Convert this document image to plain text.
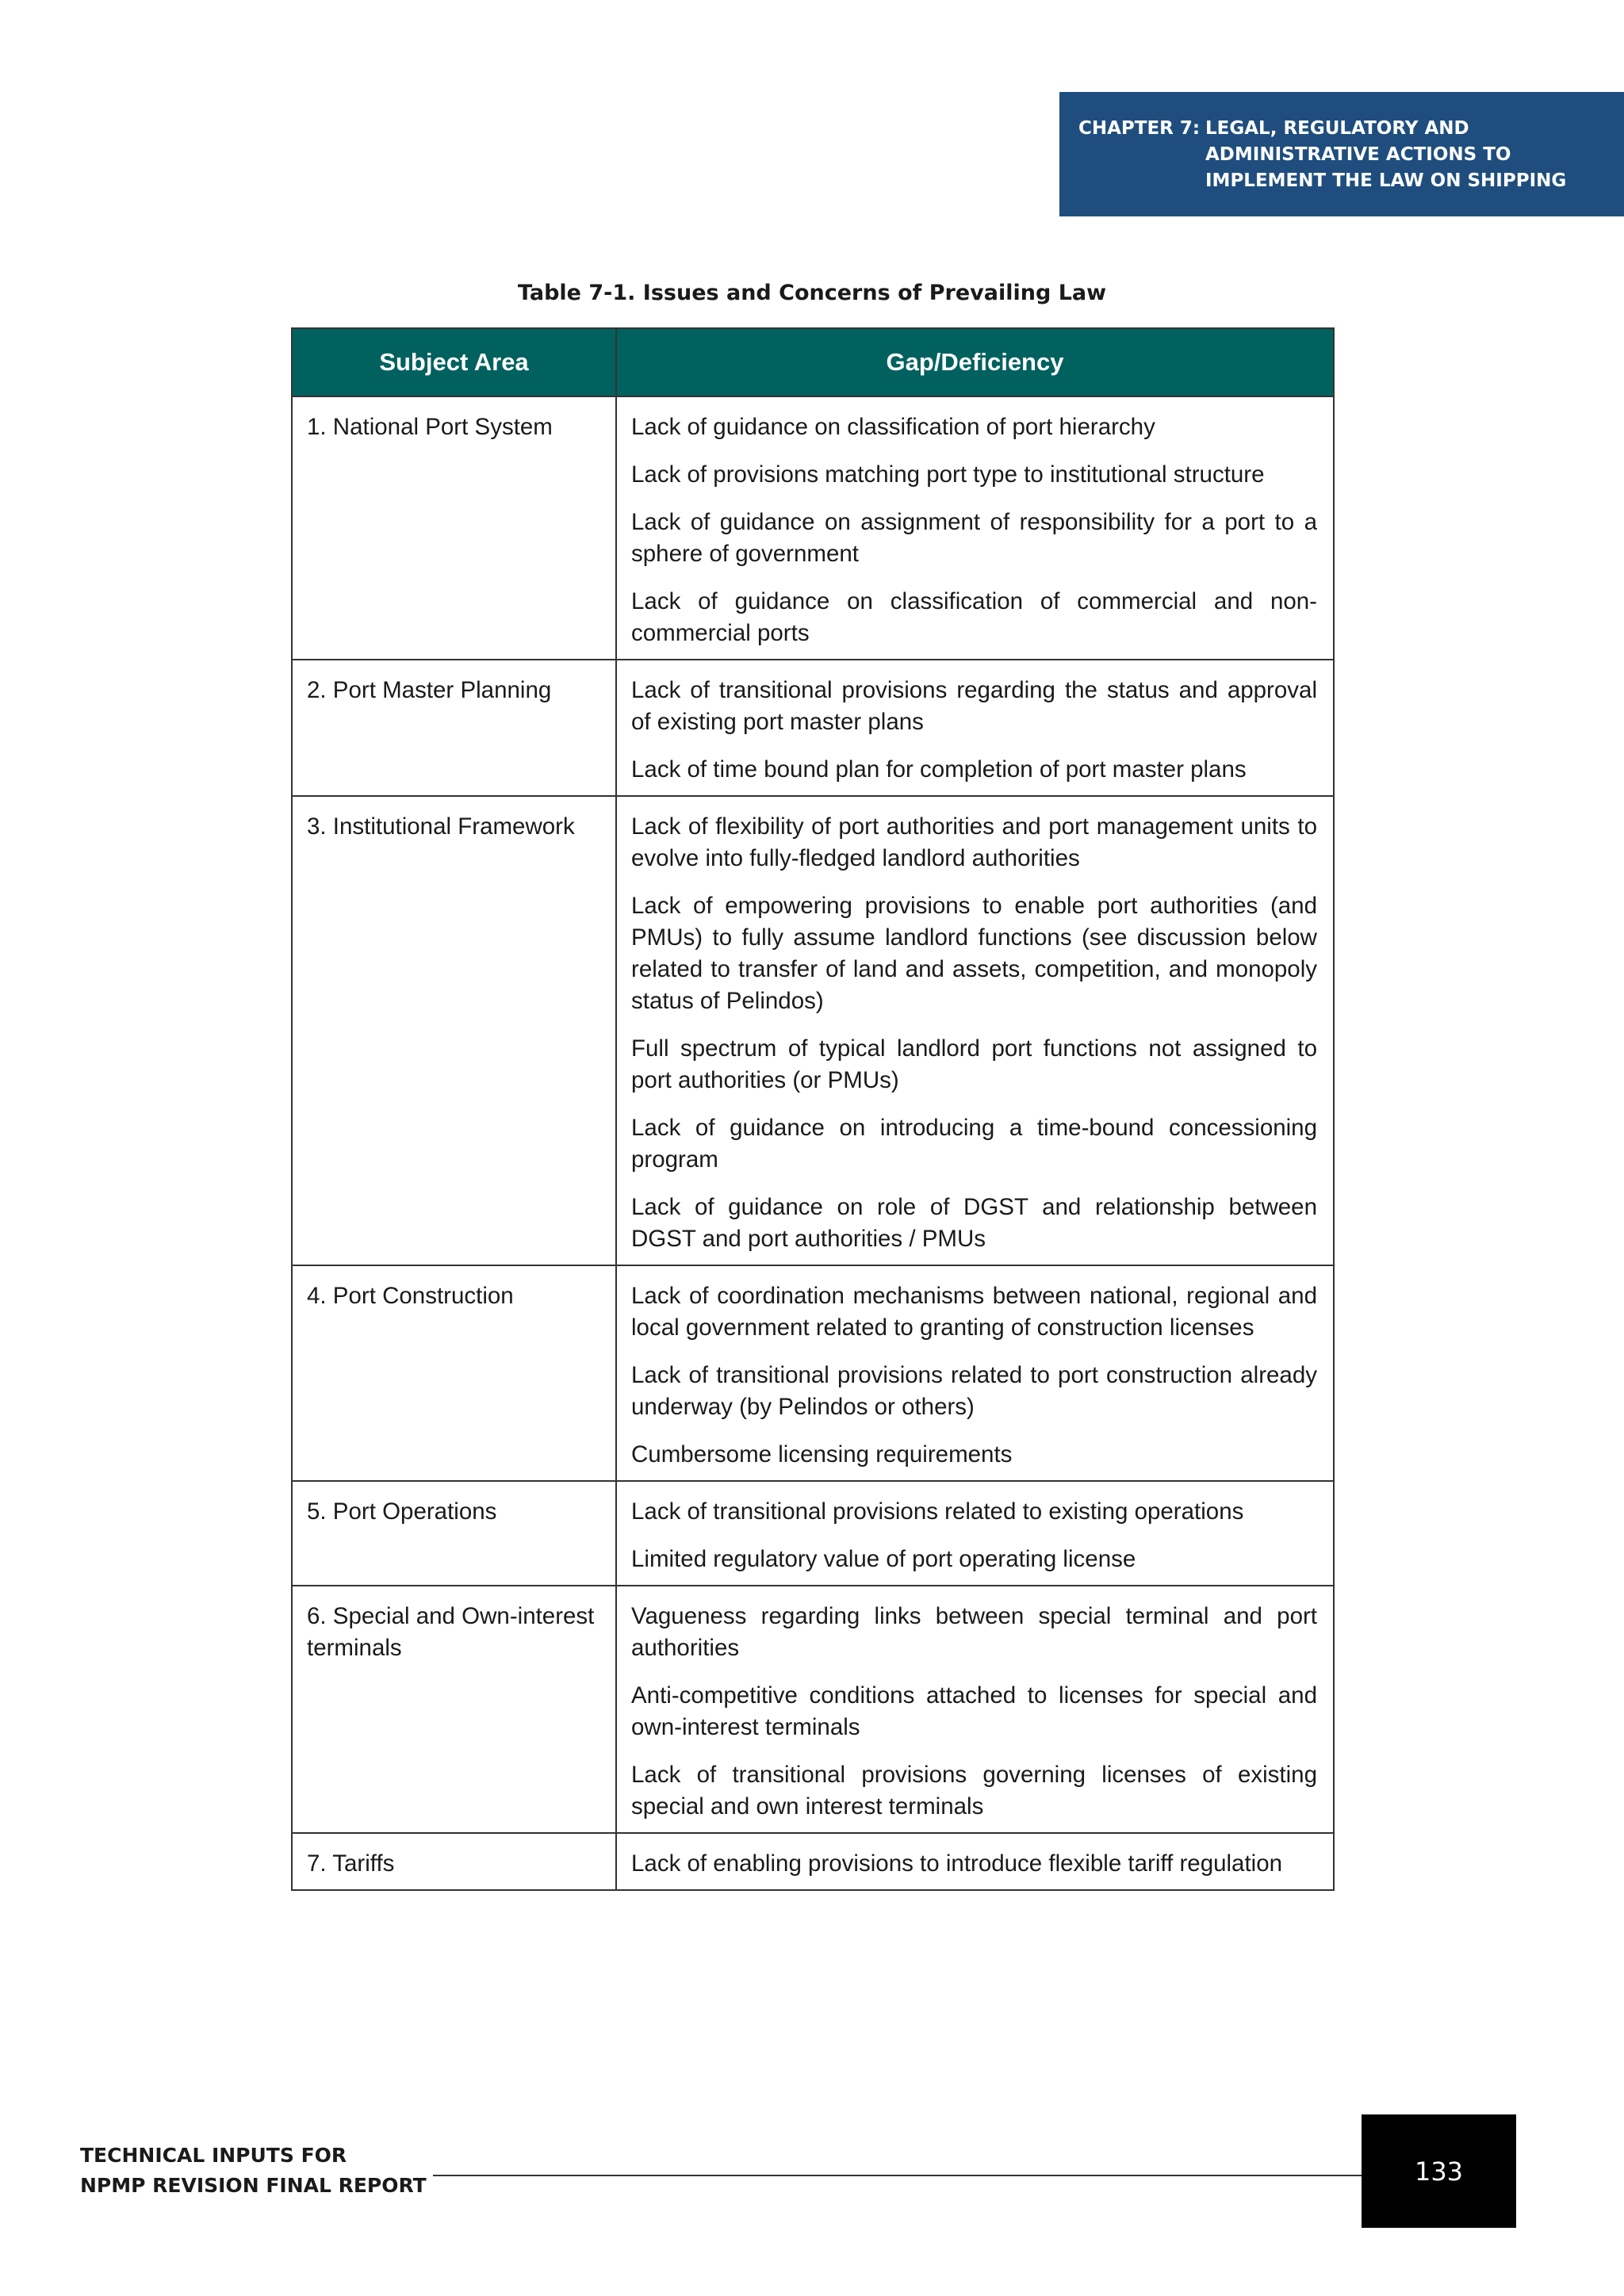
CHAPTER 7: LEGAL, REGULATORY AND
ADMINISTRATIVE ACTIONS TO
IMPLEMENT THE LAW ON SHIPPING
Table 7-1. Issues and Concerns of Prevailing Law
Subject Area	Gap/Deficiency
1. National Port System	Lack of guidance on classification of port hierarchy
Lack of provisions matching port type to institutional structure
Lack of guidance on assignment of responsibility for a port to a sphere of government
Lack of guidance on classification of commercial and non-commercial ports

2. Port Master Planning	Lack of transitional provisions regarding the status and approval of existing port master plans
Lack of time bound plan for completion of port master plans

3. Institutional Framework	Lack of flexibility of port authorities and port management units to evolve into fully-fledged landlord authorities
Lack of empowering provisions to enable port authorities (and PMUs) to fully assume landlord functions (see discussion below related to transfer of land and assets, competition, and monopoly status of Pelindos)
Full spectrum of typical landlord port functions not assigned to port authorities (or PMUs)
Lack of guidance on introducing a time-bound concessioning program
Lack of guidance on role of DGST and relationship between DGST and port authorities / PMUs

4. Port Construction	Lack of coordination mechanisms between national, regional and local government related to granting of construction licenses
Lack of transitional provisions related to port construction already underway (by Pelindos or others)
Cumbersome licensing requirements

5. Port Operations	Lack of transitional provisions related to existing operations
Limited regulatory value of port operating license

6. Special and Own-interest terminals	Vagueness regarding links between special terminal and port authorities
Anti-competitive conditions attached to licenses for special and own-interest terminals
Lack of transitional provisions governing licenses of existing special and own interest terminals

7. Tariffs	Lack of enabling provisions to introduce flexible tariff regulation
TECHNICAL INPUTS FOR
NPMP REVISION FINAL REPORT	133
